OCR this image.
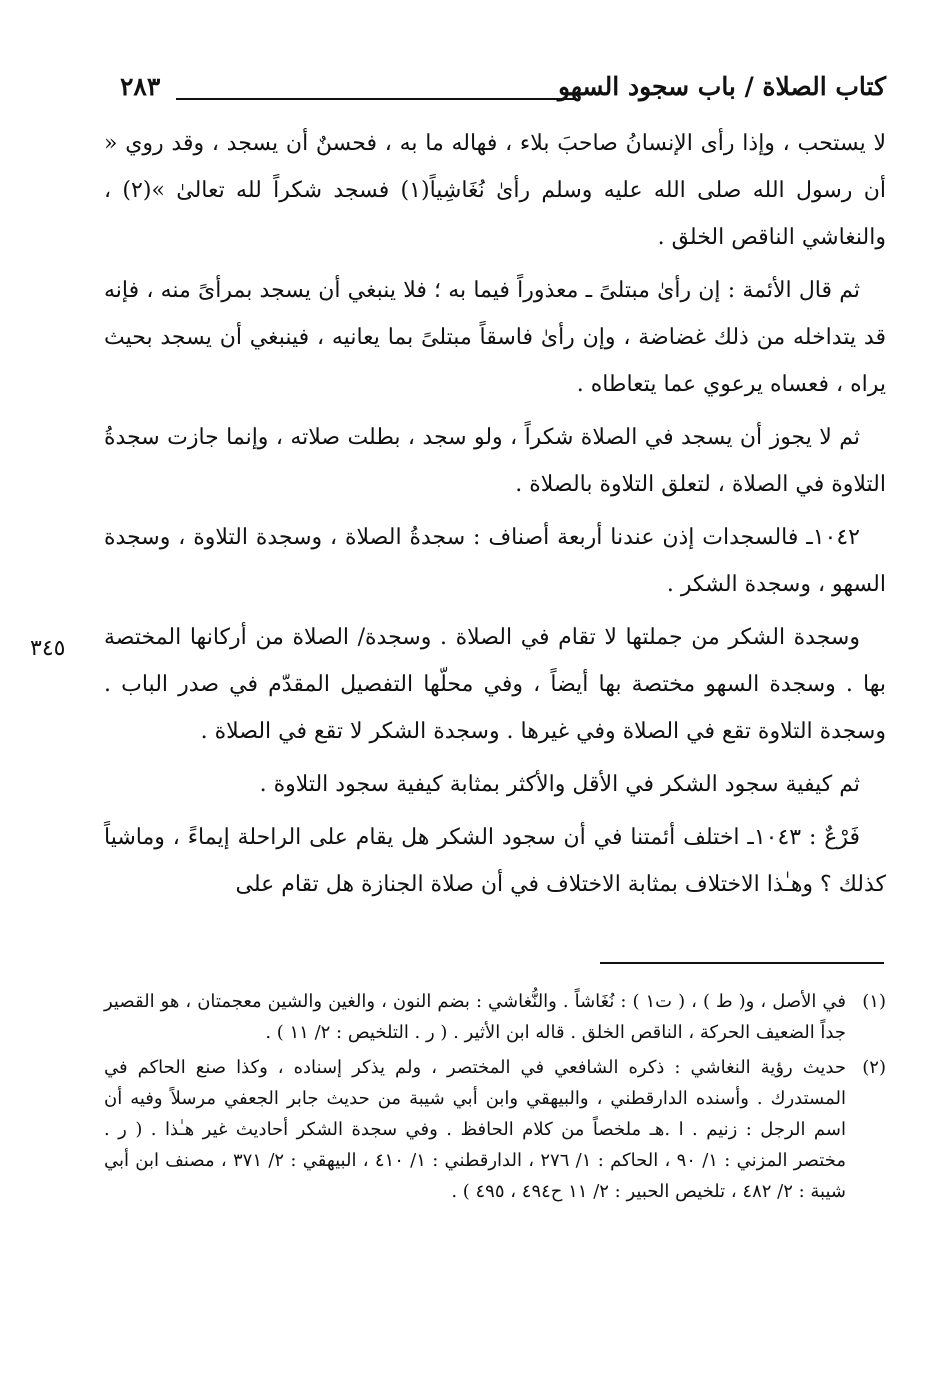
كتاب الصلاة / باب سجود السهو
٢٨٣
٣٤٥

لا يستحب ، وإذا رأى الإنسانُ صاحبَ بلاء ، فهاله ما به ، فحسنٌ أن يسجد ، وقد روي « أن رسول الله صلى الله عليه وسلم رأىٰ نُغَاشِياً(١) فسجد شكراً لله تعالىٰ »(٢) ، والنغاشي الناقص الخلق .

ثم قال الأئمة : إن رأىٰ مبتلىً ـ معذوراً فيما به ؛ فلا ينبغي أن يسجد بمرأىً منه ، فإنه قد يتداخله من ذلك غضاضة ، وإن رأىٰ فاسقاً مبتلىً بما يعانيه ، فينبغي أن يسجد بحيث يراه ، فعساه يرعوي عما يتعاطاه .

ثم لا يجوز أن يسجد في الصلاة شكراً ، ولو سجد ، بطلت صلاته ، وإنما جازت سجدةُ التلاوة في الصلاة ، لتعلق التلاوة بالصلاة .

١٠٤٢ـ فالسجدات إذن عندنا أربعة أصناف : سجدةُ الصلاة ، وسجدة التلاوة ، وسجدة السهو ، وسجدة الشكر .

وسجدة الشكر من جملتها لا تقام في الصلاة . وسجدة/ الصلاة من أركانها المختصة بها . وسجدة السهو مختصة بها أيضاً ، وفي محلّها التفصيل المقدّم في صدر الباب . وسجدة التلاوة تقع في الصلاة وفي غيرها . وسجدة الشكر لا تقع في الصلاة .

ثم كيفية سجود الشكر في الأقل والأكثر بمثابة كيفية سجود التلاوة .

فَرْعٌ : ١٠٤٣ـ اختلف أئمتنا في أن سجود الشكر هل يقام على الراحلة إيماءً ، وماشياً كذلك ؟ وهـٰذا الاختلاف بمثابة الاختلاف في أن صلاة الجنازة هل تقام على

(١)
في الأصل ، و( ط ) ، ( ت١ ) : نُغَاشاً . والنُّغاشي : بضم النون ، والغين والشين معجمتان ، هو القصير جداً الضعيف الحركة ، الناقص الخلق . قاله ابن الأثير . ( ر . التلخيص : ٢/ ١١ ) .
(٢)
حديث رؤية النغاشي : ذكره الشافعي في المختصر ، ولم يذكر إسناده ، وكذا صنع الحاكم في المستدرك . وأسنده الدارقطني ، والبيهقي وابن أبي شيبة من حديث جابر الجعفي مرسلاً وفيه أن اسم الرجل : زنيم . ا .هـ ملخصاً من كلام الحافظ . وفي سجدة الشكر أحاديث غير هـٰذا . ( ر . مختصر المزني : ١/ ٩٠ ، الحاكم : ١/ ٢٧٦ ، الدارقطني : ١/ ٤١٠ ، البيهقي : ٢/ ٣٧١ ، مصنف ابن أبي شيبة : ٢/ ٤٨٢ ، تلخيص الحبير : ٢/ ١١ ح٤٩٤ ، ٤٩٥ ) .
